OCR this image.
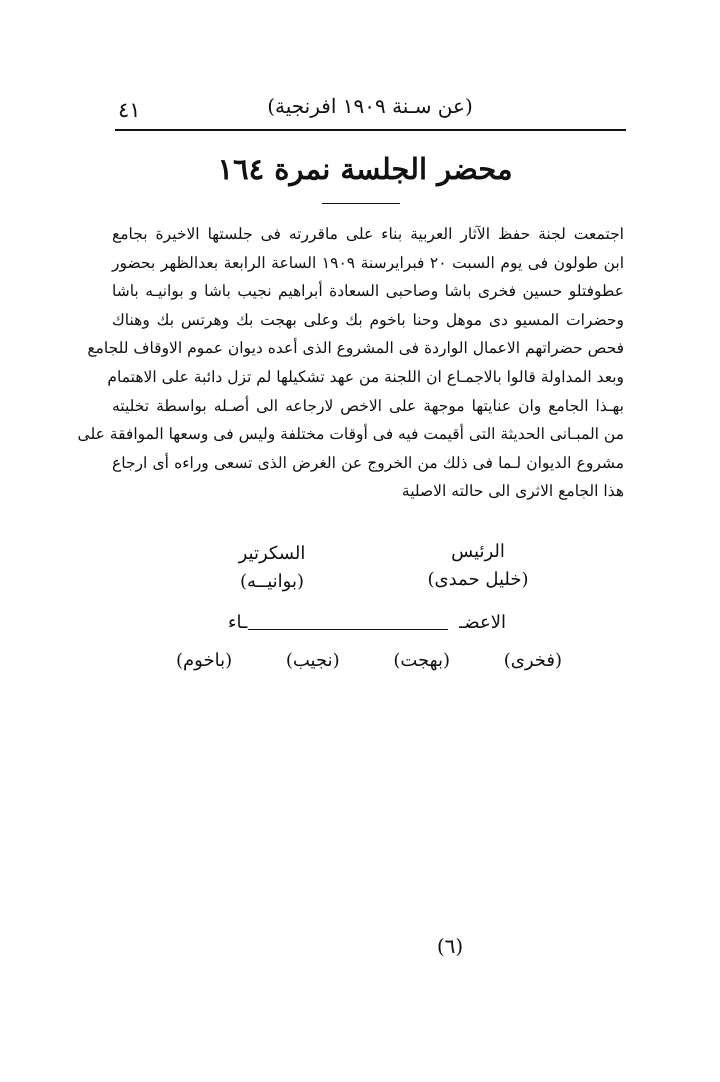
٤١	(عن سـنة ١٩٠٩ افرنجية)
محضر الجلسة نمرة ١٦٤
اجتمعت لجنة حفظ الآثار العربية بناء على ماقررته فى جلستها الاخيرة بجامع
ابن طولون فى يوم السبت ٢٠ فبرايرسنة ١٩٠٩ الساعة الرابعة بعدالظهر بحضور
عطوفتلو حسين فخرى باشا وصاحبى السعادة أبراهيم نجيب باشا و بوانيـه باشا
وحضرات المسيو دى موهل وحنا باخوم بك وعلى بهجت بك وهرتس بك وهناك
فحص حضراتهم الاعمال الواردة فى المشروع الذى أعده ديوان عموم الاوقاف للجامع
وبعد المداولة قالوا بالاجمـاع ان اللجنة من عهد تشكيلها لم تزل دائبة على الاهتمام
بهـذا الجامع وان عنايتها موجهة على الاخص لارجاعه الى أصـله بواسطة تخليته
من المبـانى الحديثة التى أقيمت فيه فى أوقات مختلفة وليس فى وسعها الموافقة على
مشروع الديوان لـما فى ذلك من الخروج عن الغرض الذى تسعى وراءه أى ارجاع
هذا الجامع الاثرى الى حالته الاصلية
الرئيس
(خليل حمدى)
السكرتير
(بوانيــه)
الاعضـ
ـاء
(فخرى)
(بهجت)
(نجيب)
(باخوم)
(٦)
